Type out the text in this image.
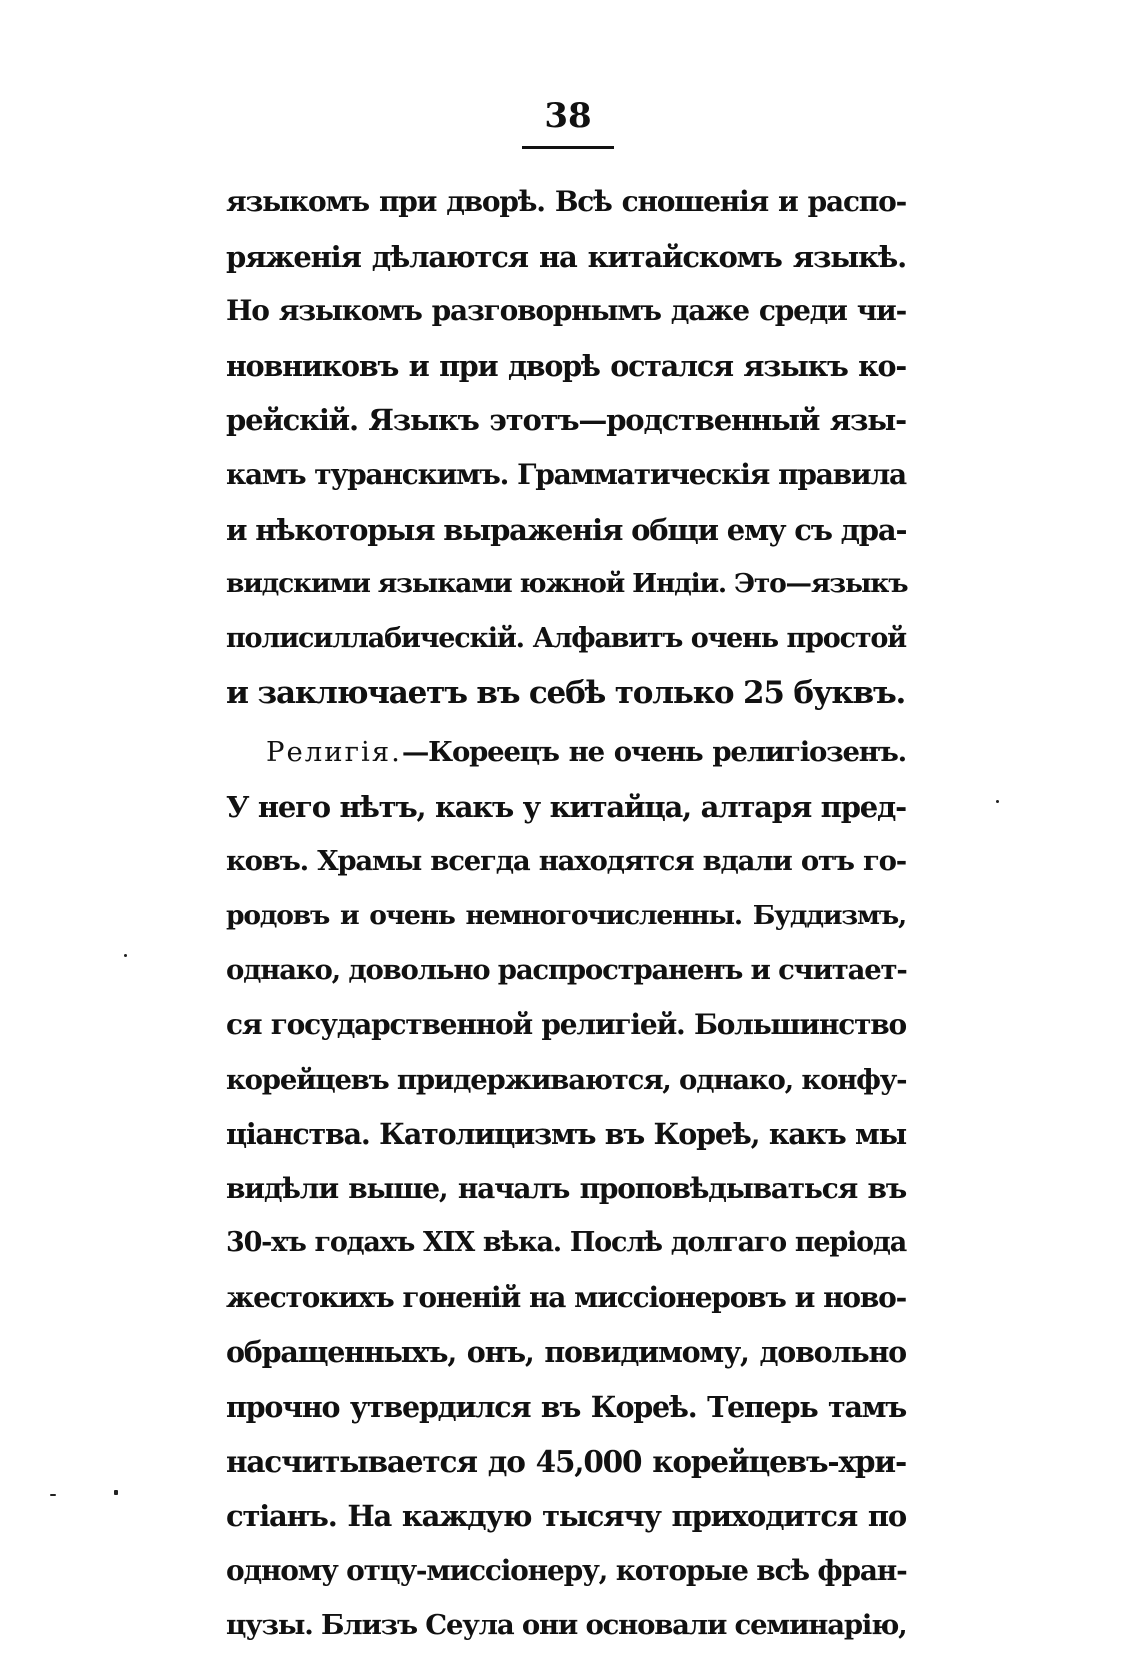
38
языкомъ при дворѣ. Всѣ сношенія и распо-
ряженія дѣлаются на китайскомъ языкѣ.
Но языкомъ разговорнымъ даже среди чи-
новниковъ и при дворѣ остался языкъ ко-
рейскій. Языкъ этотъ—родственный язы-
камъ туранскимъ. Грамматическія правила
и нѣкоторыя выраженія общи ему съ дра-
видскими языками южной Индіи. Это—языкъ
полисиллабическій. Алфавитъ очень простой
и заключаетъ въ себѣ только 25 буквъ.
Религія.—Кореецъ не очень религіозенъ.
У него нѣтъ, какъ у китайца, алтаря пред-
ковъ. Храмы всегда находятся вдали отъ го-
родовъ и очень немногочисленны. Буддизмъ,
однако, довольно распространенъ и считает-
ся государственной религіей. Большинство
корейцевъ придерживаются, однако, конфу-
ціанства. Католицизмъ въ Кореѣ, какъ мы
видѣли выше, началъ проповѣдываться въ
30-хъ годахъ XIX вѣка. Послѣ долгаго періода
жестокихъ гоненій на миссіонеровъ и ново-
обращенныхъ, онъ, повидимому, довольно
прочно утвердился въ Кореѣ. Теперь тамъ
насчитывается до 45,000 корейцевъ-хри-
стіанъ. На каждую тысячу приходится по
одному отцу-миссіонеру, которые всѣ фран-
цузы. Близъ Сеула они основали семинарію,
